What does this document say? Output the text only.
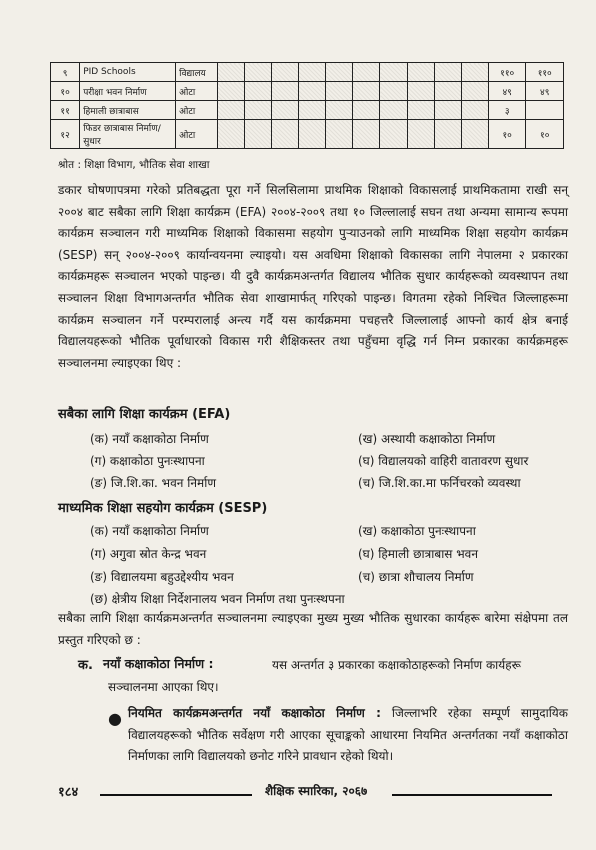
९	PID Schools	विद्यालय											११०	११०
१०	परीक्षा भवन निर्माण	ओटा											४९	४९
११	हिमाली छात्राबास	ओटा											३	
१२	फिडर छात्राबास निर्माण/सुधार	ओटा											१०	१०
श्रोत : शिक्षा विभाग, भौतिक सेवा शाखा

डकार घोषणापत्रमा गरेको प्रतिबद्धता पूरा गर्ने सिलसिलामा प्राथमिक शिक्षाको विकासलाई प्राथमिकतामा राखी सन् २००४ बाट सबैका लागि शिक्षा कार्यक्रम (EFA) २००४-२००९ तथा १० जिल्लालाई सघन तथा अन्यमा सामान्य रूपमा कार्यक्रम सञ्चालन गरी माध्यमिक शिक्षाको विकासमा सहयोग पुऱ्याउनको लागि माध्यमिक शिक्षा सहयोग कार्यक्रम (SESP) सन् २००४-२००९ कार्यान्वयनमा ल्याइयो। यस अवधिमा शिक्षाको विकासका लागि नेपालमा २ प्रकारका कार्यक्रमहरू सञ्चालन भएको पाइन्छ। यी दुवै कार्यक्रमअन्तर्गत विद्यालय भौतिक सुधार कार्यहरूको व्यवस्थापन तथा सञ्चालन शिक्षा विभागअन्तर्गत भौतिक सेवा शाखामार्फत् गरिएको पाइन्छ। विगतमा रहेको निश्चित जिल्लाहरूमा कार्यक्रम सञ्चालन गर्ने परम्परालाई अन्त्य गर्दै यस कार्यक्रममा पचहत्तरै जिल्लालाई आफ्नो कार्य क्षेत्र बनाई विद्यालयहरूको भौतिक पूर्वाधारको विकास गरी शैक्षिकस्तर तथा पहुँचमा वृद्धि गर्न निम्न प्रकारका कार्यक्रमहरू सञ्चालनमा ल्याइएका थिए :

सबैका लागि शिक्षा कार्यक्रम (EFA)
(क) नयाँ कक्षाकोठा निर्माण	(ख) अस्थायी कक्षाकोठा निर्माण
(ग) कक्षाकोठा पुनःस्थापना	(घ) विद्यालयको वाहिरी वातावरण सुधार
(ङ) जि.शि.का. भवन निर्माण	(च) जि.शि.का.मा फर्निचरको व्यवस्था
माध्यमिक शिक्षा सहयोग कार्यक्रम (SESP)
(क) नयाँ कक्षाकोठा निर्माण	(ख) कक्षाकोठा पुनःस्थापना
(ग) अगुवा स्रोत केन्द्र भवन	(घ) हिमाली छात्राबास भवन
(ङ) विद्यालयमा बहुउद्देश्यीय भवन	(च) छात्रा शौचालय निर्माण
(छ) क्षेत्रीय शिक्षा निर्देशनालय भवन निर्माण तथा पुनःस्थपना

सबैका लागि शिक्षा कार्यक्रमअन्तर्गत सञ्चालनमा ल्याइएका मुख्य मुख्य भौतिक सुधारका कार्यहरू बारेमा संक्षेपमा तल प्रस्तुत गरिएको छ :

क. नयाँ कक्षाकोठा निर्माण :	यस अन्तर्गत ३ प्रकारका कक्षाकोठाहरूको निर्माण कार्यहरू
सञ्चालनमा आएका थिए।
● नियमित कार्यक्रमअन्तर्गत नयाँ कक्षाकोठा निर्माण : जिल्लाभरि रहेका सम्पूर्ण सामुदायिक विद्यालयहरूको भौतिक सर्वेक्षण गरी आएका सूचाङ्कको आधारमा नियमित अन्तर्गतका नयाँ कक्षाकोठा निर्माणका लागि विद्यालयको छनोट गरिने प्रावधान रहेको थियो।

१८४	शैक्षिक स्मारिका, २०६७
